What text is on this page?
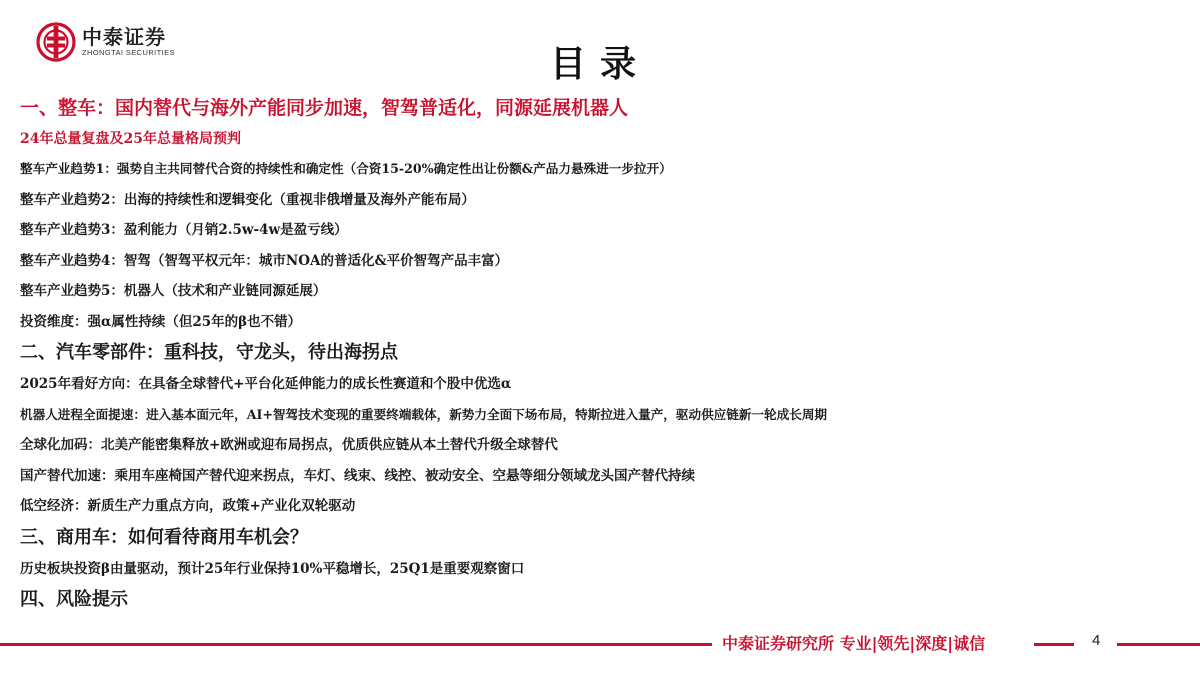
中泰证券
ZHONGTAI SECURITIES	目录
一、整车：国内替代与海外产能同步加速，智驾普适化，同源延展机器人
24年总量复盘及25年总量格局预判
整车产业趋势1：强势自主共同替代合资的持续性和确定性（合资15-20%确定性出让份额&产品力悬殊进一步拉开）
整车产业趋势2：出海的持续性和逻辑变化（重视非俄增量及海外产能布局）
整车产业趋势3：盈利能力（月销2.5w-4w是盈亏线）
整车产业趋势4：智驾（智驾平权元年：城市NOA的普适化&平价智驾产品丰富）
整车产业趋势5：机器人（技术和产业链同源延展）
投资维度：强α属性持续（但25年的β也不错）
二、汽车零部件：重科技，守龙头，待出海拐点
2025年看好方向：在具备全球替代+平台化延伸能力的成长性赛道和个股中优选α
机器人进程全面提速：进入基本面元年，AI+智驾技术变现的重要终端载体，新势力全面下场布局，特斯拉进入量产，驱动供应链新一轮成长周期
全球化加码：北美产能密集释放+欧洲或迎布局拐点，优质供应链从本土替代升级全球替代
国产替代加速：乘用车座椅国产替代迎来拐点，车灯、线束、线控、被动安全、空悬等细分领域龙头国产替代持续
低空经济：新质生产力重点方向，政策+产业化双轮驱动
三、商用车：如何看待商用车机会？
历史板块投资β由量驱动，预计25年行业保持10%平稳增长，25Q1是重要观察窗口
四、风险提示
中泰证券研究所 专业|领先|深度|诚信	4
